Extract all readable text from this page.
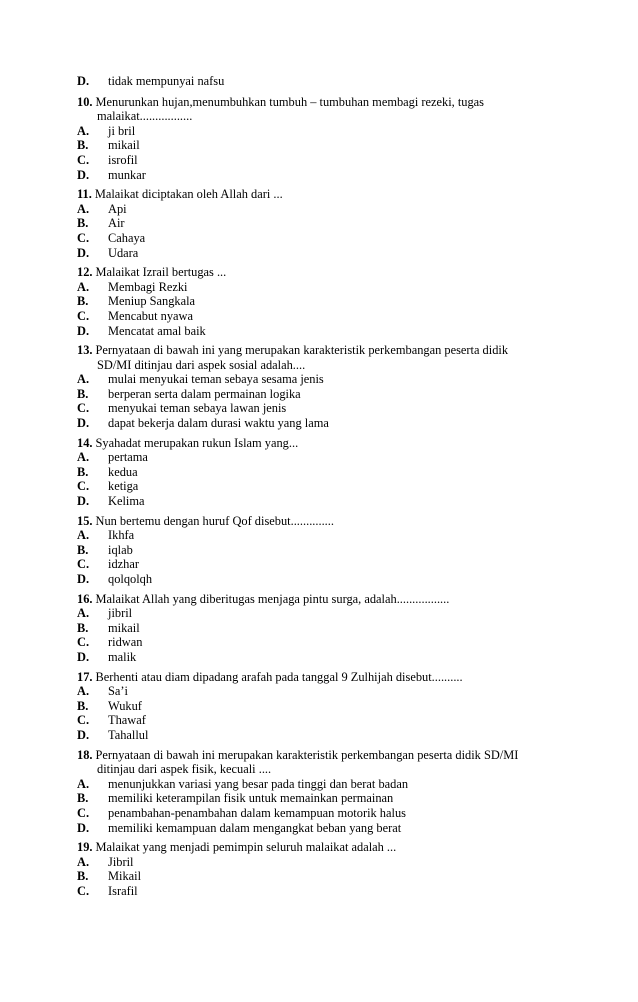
D.	tidak mempunyai nafsu
10. Menurunkan hujan,menumbuhkan tumbuh – tumbuhan membagi rezeki, tugas
malaikat.................
A.	ji bril
B.	mikail
C.	isrofil
D.	munkar
11. Malaikat diciptakan oleh Allah dari ...
A.	Api
B.	Air
C.	Cahaya
D.	Udara
12. Malaikat Izrail bertugas ...
A.	Membagi Rezki
B.	Meniup Sangkala
C.	Mencabut nyawa
D.	Mencatat amal baik
13. Pernyataan di bawah ini yang merupakan karakteristik perkembangan peserta didik
SD/MI ditinjau dari aspek sosial adalah....
A.	mulai menyukai teman sebaya sesama jenis
B.	berperan serta dalam permainan logika
C.	menyukai teman sebaya lawan jenis
D.	dapat bekerja dalam durasi waktu yang lama
14. Syahadat merupakan rukun Islam yang...
A.	pertama
B.	kedua
C.	ketiga
D.	Kelima
15. Nun bertemu dengan huruf Qof disebut..............
A.	Ikhfa
B.	iqlab
C.	idzhar
D.	qolqolqh
16. Malaikat Allah yang diberitugas menjaga pintu surga, adalah.................
A.	jibril
B.	mikail
C.	ridwan
D.	malik
17. Berhenti atau diam dipadang arafah pada tanggal 9 Zulhijah disebut..........
A.	Sa’i
B.	Wukuf
C.	Thawaf
D.	Tahallul
18. Pernyataan di bawah ini merupakan karakteristik perkembangan peserta didik SD/MI
ditinjau dari aspek fisik, kecuali ....
A.	menunjukkan variasi yang besar pada tinggi dan berat badan
B.	memiliki keterampilan fisik untuk memainkan permainan
C.	penambahan-penambahan dalam kemampuan motorik halus
D.	memiliki kemampuan dalam mengangkat beban yang berat
19. Malaikat yang menjadi pemimpin seluruh malaikat adalah ...
A.	Jibril
B.	Mikail
C.	Israfil
